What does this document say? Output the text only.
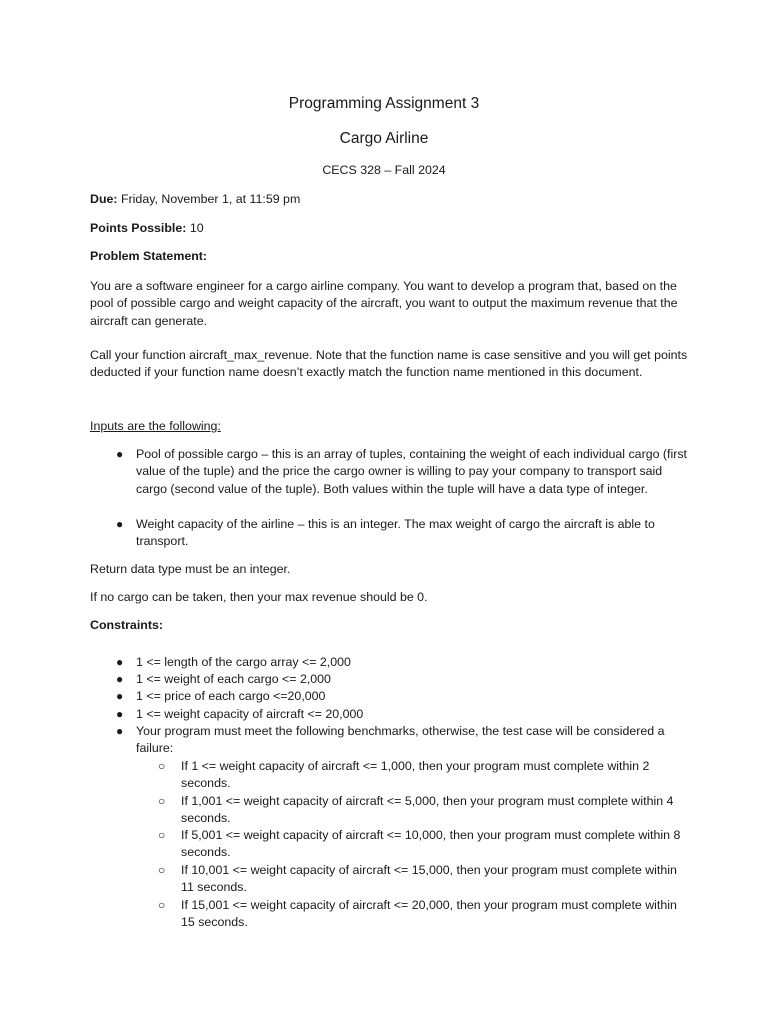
Programming Assignment 3
Cargo Airline
CECS 328 – Fall 2024

Due: Friday, November 1, at 11:59 pm

Points Possible: 10

Problem Statement:

You are a software engineer for a cargo airline company. You want to develop a program that, based on the pool of possible cargo and weight capacity of the aircraft, you want to output the maximum revenue that the aircraft can generate.

Call your function aircraft_max_revenue. Note that the function name is case sensitive and you will get points deducted if your function name doesn’t exactly match the function name mentioned in this document.

Inputs are the following:

● Pool of possible cargo – this is an array of tuples, containing the weight of each individual cargo (first value of the tuple) and the price the cargo owner is willing to pay your company to transport said cargo (second value of the tuple). Both values within the tuple will have a data type of integer.
● Weight capacity of the airline – this is an integer. The max weight of cargo the aircraft is able to transport.

Return data type must be an integer.

If no cargo can be taken, then your max revenue should be 0.

Constraints:

● 1 <= length of the cargo array <= 2,000
● 1 <= weight of each cargo <= 2,000
● 1 <= price of each cargo <=20,000
● 1 <= weight capacity of aircraft <= 20,000
● Your program must meet the following benchmarks, otherwise, the test case will be considered a failure:
○ If 1 <= weight capacity of aircraft <= 1,000, then your program must complete within 2 seconds.
○ If 1,001 <= weight capacity of aircraft <= 5,000, then your program must complete within 4 seconds.
○ If 5,001 <= weight capacity of aircraft <= 10,000, then your program must complete within 8 seconds.
○ If 10,001 <= weight capacity of aircraft <= 15,000, then your program must complete within 11 seconds.
○ If 15,001 <= weight capacity of aircraft <= 20,000, then your program must complete within 15 seconds.
